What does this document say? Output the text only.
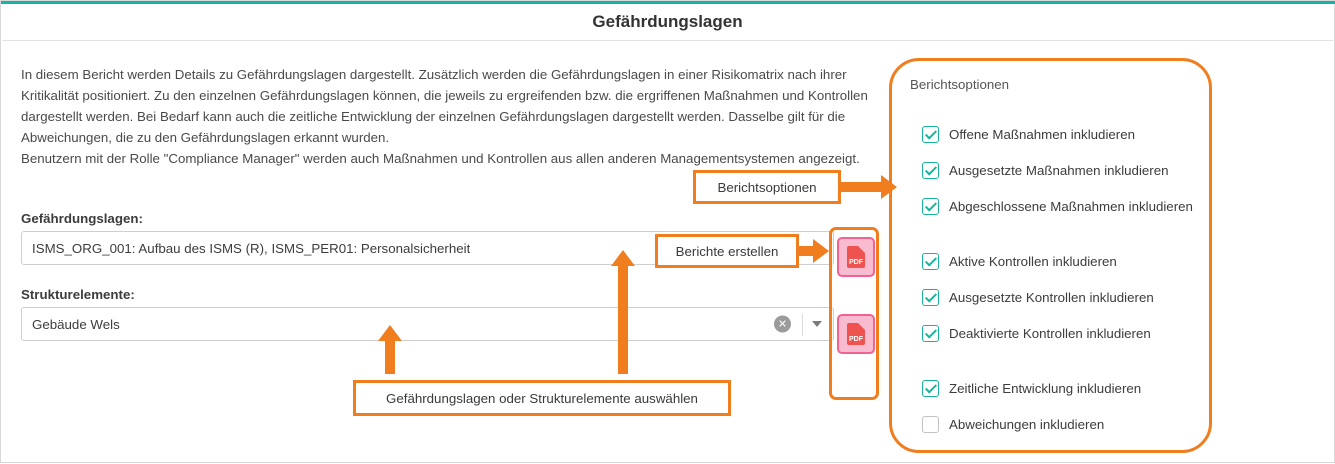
Gefährdungslagen

In diesem Bericht werden Details zu Gefährdungslagen dargestellt. Zusätzlich werden die Gefährdungslagen in einer Risikomatrix nach ihrer Kritikalität positioniert. Zu den einzelnen Gefährdungslagen können, die jeweils zu ergreifenden bzw. die ergriffenen Maßnahmen und Kontrollen dargestellt werden. Bei Bedarf kann auch die zeitliche Entwicklung der einzelnen Gefährdungslagen dargestellt werden. Dasselbe gilt für die Abweichungen, die zu den Gefährdungslagen erkannt wurden.

Benutzern mit der Rolle "Compliance Manager" werden auch Maßnahmen und Kontrollen aus allen anderen Managementsystemen angezeigt.

Gefährdungslagen:
ISMS_ORG_001: Aufbau des ISMS (R), ISMS_PER01: Personalsicherheit
Strukturelemente:
Gebäude Wels	✕
PDF
PDF
Berichtsoptionen
Offene Maßnahmen inkludieren
Ausgesetzte Maßnahmen inkludieren
Abgeschlossene Maßnahmen inkludieren
Aktive Kontrollen inkludieren
Ausgesetzte Kontrollen inkludieren
Deaktivierte Kontrollen inkludieren
Zeitliche Entwicklung inkludieren
Abweichungen inkludieren
Berichtsoptionen
Berichte erstellen
Gefährdungslagen oder Strukturelemente auswählen
